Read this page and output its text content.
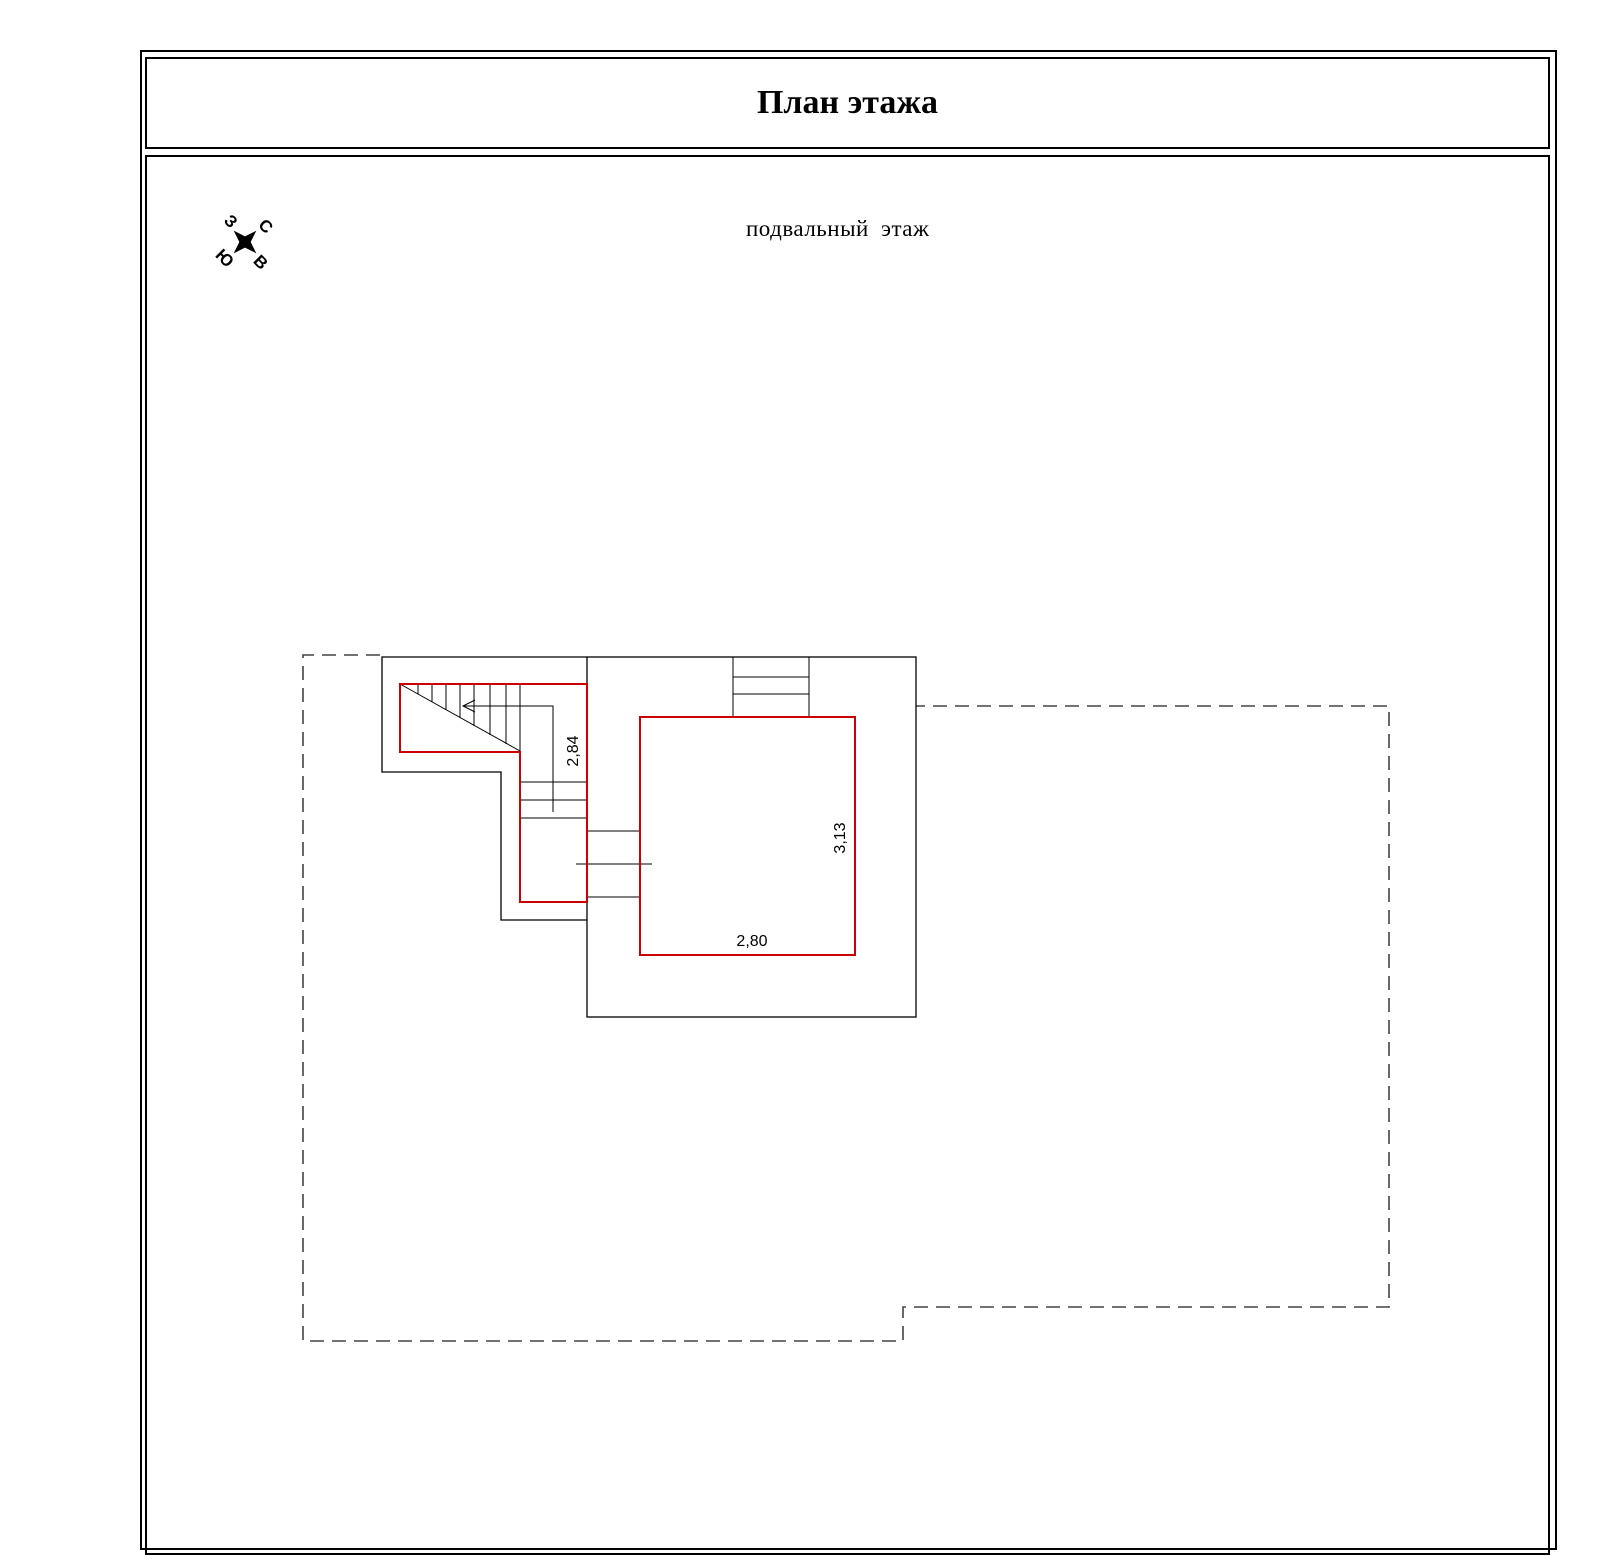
План этажа
подвальный этаж
С
В
Ю
З
2,84
3,13
2,80
